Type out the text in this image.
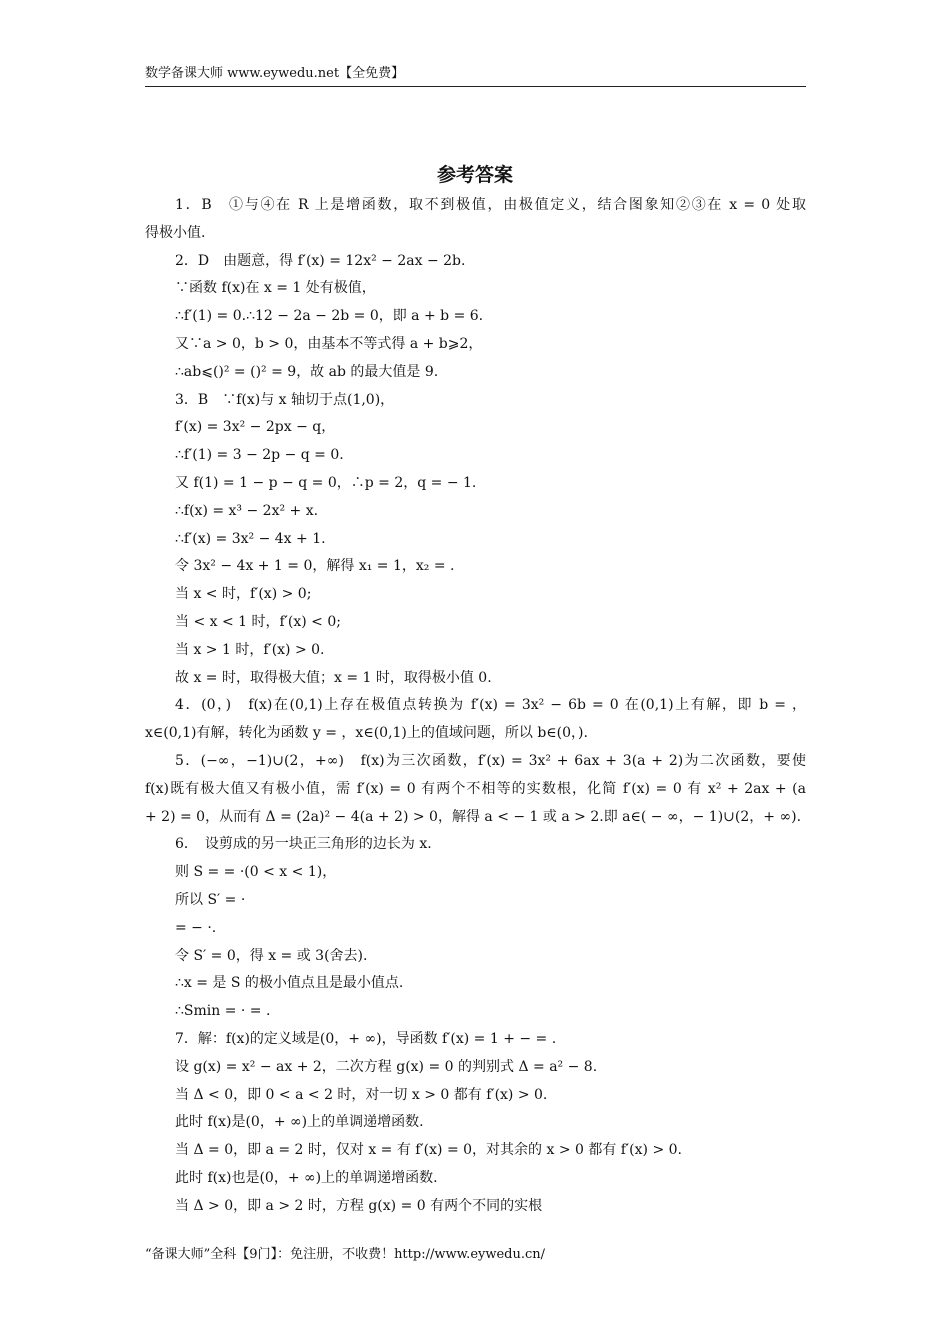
数学备课大师 www.eywedu.net【全免费】
参考答案
1．B　①与④在 R 上是增函数，取不到极值，由极值定义，结合图象知②③在 x = 0 处取
得极小值.
2．D　由题意，得 f′(x) = 12x² − 2ax − 2b.
∵函数 f(x)在 x = 1 处有极值，
∴f′(1) = 0.∴12 − 2a − 2b = 0，即 a + b = 6.
又∵a > 0，b > 0，由基本不等式得 a + b⩾2，
∴ab⩽()² = ()² = 9，故 ab 的最大值是 9.
3．B　∵f(x)与 x 轴切于点(1,0)，
f′(x) = 3x² − 2px − q，
∴f′(1) = 3 − 2p − q = 0.
又 f(1) = 1 − p − q = 0，∴p = 2，q = − 1.
∴f(x) = x³ − 2x² + x.
∴f′(x) = 3x² − 4x + 1.
令 3x² − 4x + 1 = 0，解得 x₁ = 1，x₂ = .
当 x < 时，f′(x) > 0;
当 < x < 1 时，f′(x) < 0;
当 x > 1 时，f′(x) > 0.
故 x = 时，取得极大值；x = 1 时，取得极小值 0.
4．(0，)　f(x)在(0,1)上存在极值点转换为 f′(x) = 3x² − 6b = 0 在(0,1)上有解，即 b = ，
x∈(0,1)有解，转化为函数 y = ，x∈(0,1)上的值域问题，所以 b∈(0，).
5．(−∞，−1)∪(2，+∞)　f(x)为三次函数，f′(x) = 3x² + 6ax + 3(a + 2)为二次函数，要使
f(x)既有极大值又有极小值，需 f′(x) = 0 有两个不相等的实数根，化简 f′(x) = 0 有 x² + 2ax + (a
+ 2) = 0，从而有 Δ = (2a)² − 4(a + 2) > 0，解得 a < − 1 或 a > 2.即 a∈( − ∞，− 1)∪(2，+ ∞).
6．　设剪成的另一块正三角形的边长为 x.
则 S = = ·(0 < x < 1)，
所以 S′ = ·
= − ·.
令 S′ = 0，得 x = 或 3(舍去).
∴x = 是 S 的极小值点且是最小值点.
∴Smin = · = .
7．解：f(x)的定义域是(0，+ ∞)，导函数 f′(x) = 1 + − = .
设 g(x) = x² − ax + 2，二次方程 g(x) = 0 的判别式 Δ = a² − 8.
当 Δ < 0，即 0 < a < 2 时，对一切 x > 0 都有 f′(x) > 0.
此时 f(x)是(0，+ ∞)上的单调递增函数.
当 Δ = 0，即 a = 2 时，仅对 x = 有 f′(x) = 0，对其余的 x > 0 都有 f′(x) > 0.
此时 f(x)也是(0，+ ∞)上的单调递增函数.
当 Δ > 0，即 a > 2 时，方程 g(x) = 0 有两个不同的实根
“备课大师”全科【9门】：免注册，不收费！http://www.eywedu.cn/
